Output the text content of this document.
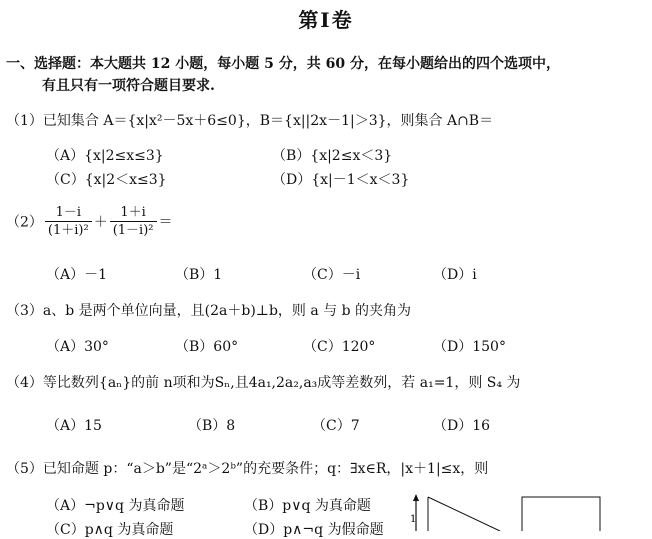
第Ⅰ卷
一、选择题：本大题共 12 小题，每小题 5 分，共 60 分，在每小题给出的四个选项中，
有且只有一项符合题目要求.
（1）已知集合 A＝{x|x²－5x＋6≤0}，B＝{x||2x－1|＞3}，则集合 A∩B＝
（A）{x|2≤x≤3}	（B）{x|2≤x＜3}
（C）{x|2＜x≤3}	（D）{x|－1＜x＜3}
$(2) \frac{1-i}{\text{(1＋i)²}} + \frac{1+i}{\text{(1－i)²}}$ ＝
（A）－1	（B）1	（C）－i	（D）i
（3）a、b 是两个单位向量，且(2a＋b)⊥b，则 a 与 b 的夹角为
（A）30°	（B）60°	（C）120°	（D）150°
（4）等比数列{aₙ}的前 n项和为Sₙ,且4a₁,2a₂,a₃成等差数列，若 a₁=1，则 S₄ 为
（A）15	（B）8	（C）7	（D）16
（5）已知命题 p：“a＞b”是“2ᵃ＞2ᵇ”的充要条件；q：∃x∈R，|x＋1|≤x，则
（A）¬p∨q 为真命题	（B）p∨q 为真命题
（C）p∧q 为真命题	（D）p∧¬q 为假命题
1
